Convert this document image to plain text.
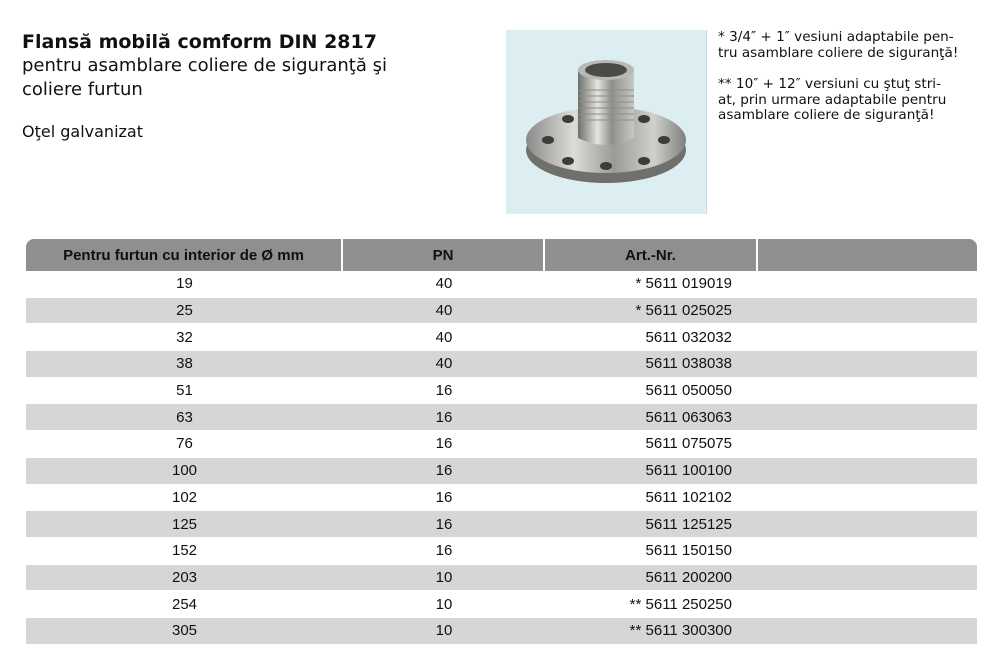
Flansă mobilă comform DIN 2817

pentru asamblare coliere de siguranţă şi

coliere furtun

Oţel galvanizat

* 3/4″ + 1″ vesiuni adaptabile pen-
tru asamblare coliere de siguranţă!

** 10″ + 12″ versiuni cu ştuţ stri-
at, prin urmare adaptabile pentru
asamblare coliere de siguranţă!

Pentru furtun cu interior de Ø mm	PN	Art.-Nr.
19	40	* 5611 019019
25	40	* 5611 025025
32	40	5611 032032
38	40	5611 038038
51	16	5611 050050
63	16	5611 063063
76	16	5611 075075
100	16	5611 100100
102	16	5611 102102
125	16	5611 125125
152	16	5611 150150
203	10	5611 200200
254	10	** 5611 250250
305	10	** 5611 300300
